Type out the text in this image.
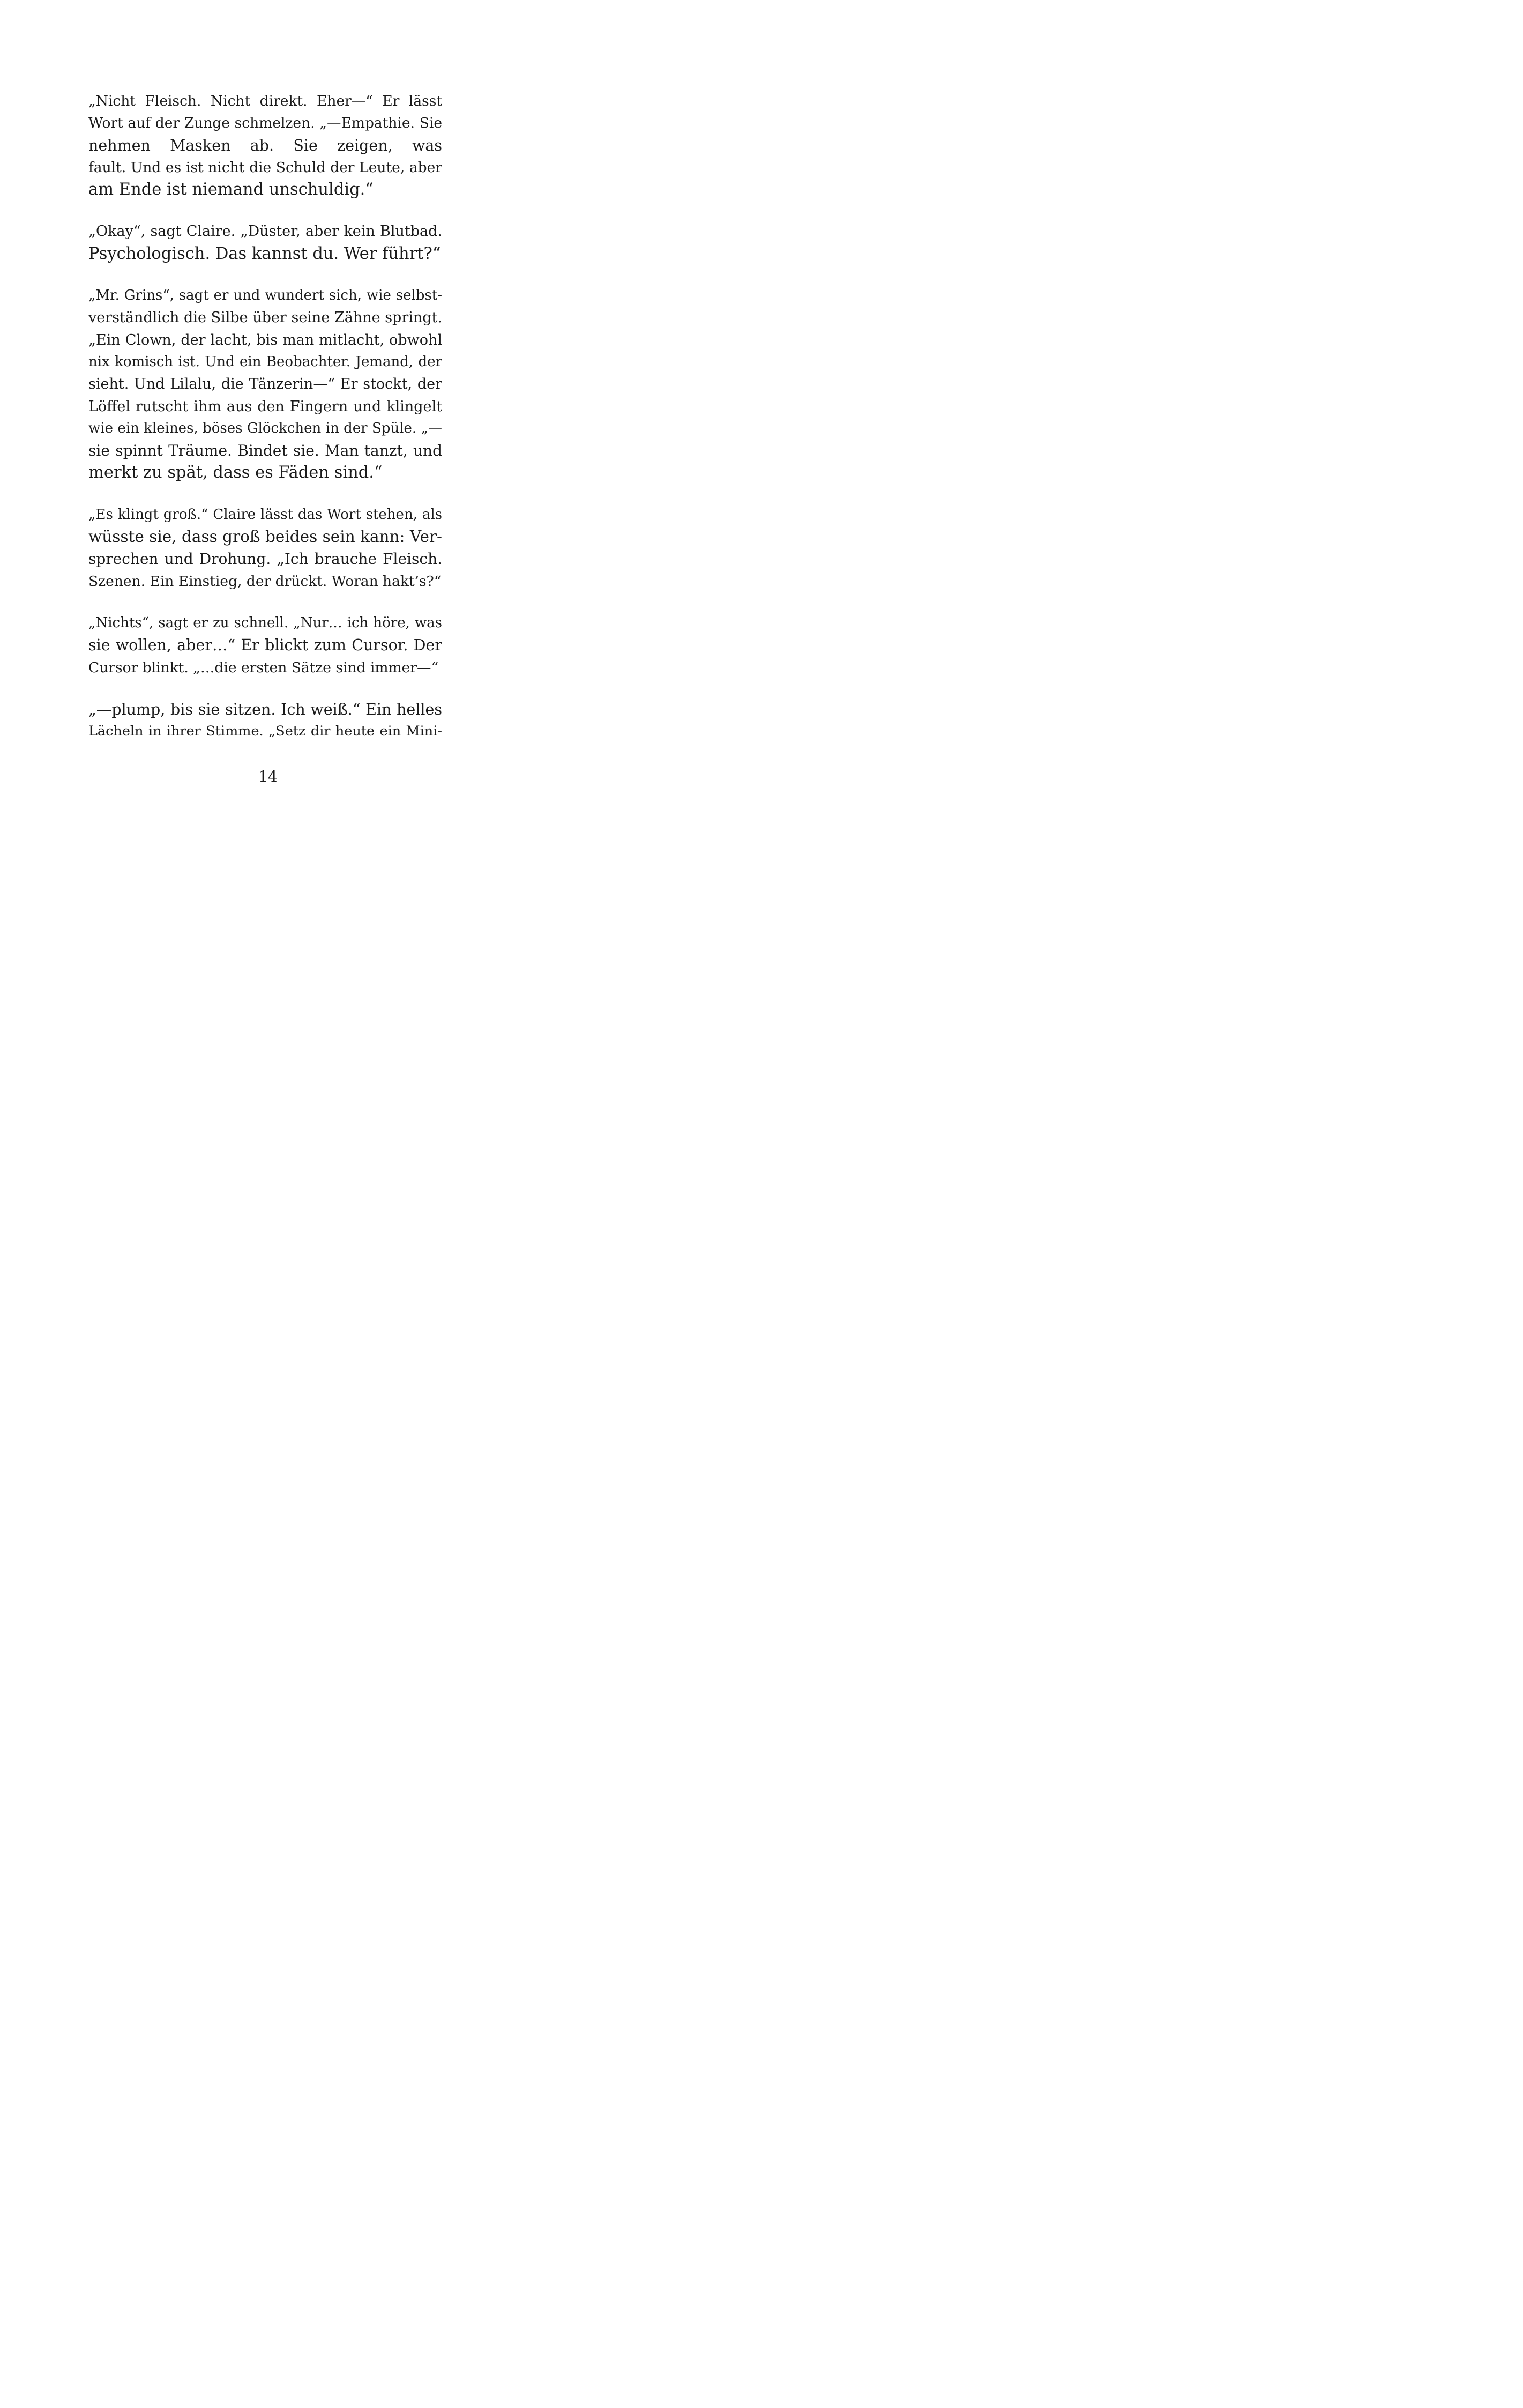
„Nicht Fleisch. Nicht direkt. Eher—“ Er lässt
Wort auf der Zunge schmelzen. „—Empathie. Sie
nehmen Masken ab. Sie zeigen, was
fault. Und es ist nicht die Schuld der Leute, aber
am Ende ist niemand unschuldig.“

„Okay“, sagt Claire. „Düster, aber kein Blutbad.
Psychologisch. Das kannst du. Wer führt?“

„Mr. Grins“, sagt er und wundert sich, wie selbst-
verständlich die Silbe über seine Zähne springt.
„Ein Clown, der lacht, bis man mitlacht, obwohl
nix komisch ist. Und ein Beobachter. Jemand, der
sieht. Und Lilalu, die Tänzerin—“ Er stockt, der
Löffel rutscht ihm aus den Fingern und klingelt
wie ein kleines, böses Glöckchen in der Spüle. „—
sie spinnt Träume. Bindet sie. Man tanzt, und
merkt zu spät, dass es Fäden sind.“

„Es klingt groß.“ Claire lässt das Wort stehen, als
wüsste sie, dass groß beides sein kann: Ver-
sprechen und Drohung. „Ich brauche Fleisch.
Szenen. Ein Einstieg, der drückt. Woran hakt’s?“

„Nichts“, sagt er zu schnell. „Nur… ich höre, was
sie wollen, aber…“ Er blickt zum Cursor. Der
Cursor blinkt. „…die ersten Sätze sind immer—“

„—plump, bis sie sitzen. Ich weiß.“ Ein helles
Lächeln in ihrer Stimme. „Setz dir heute ein Mini-

14
